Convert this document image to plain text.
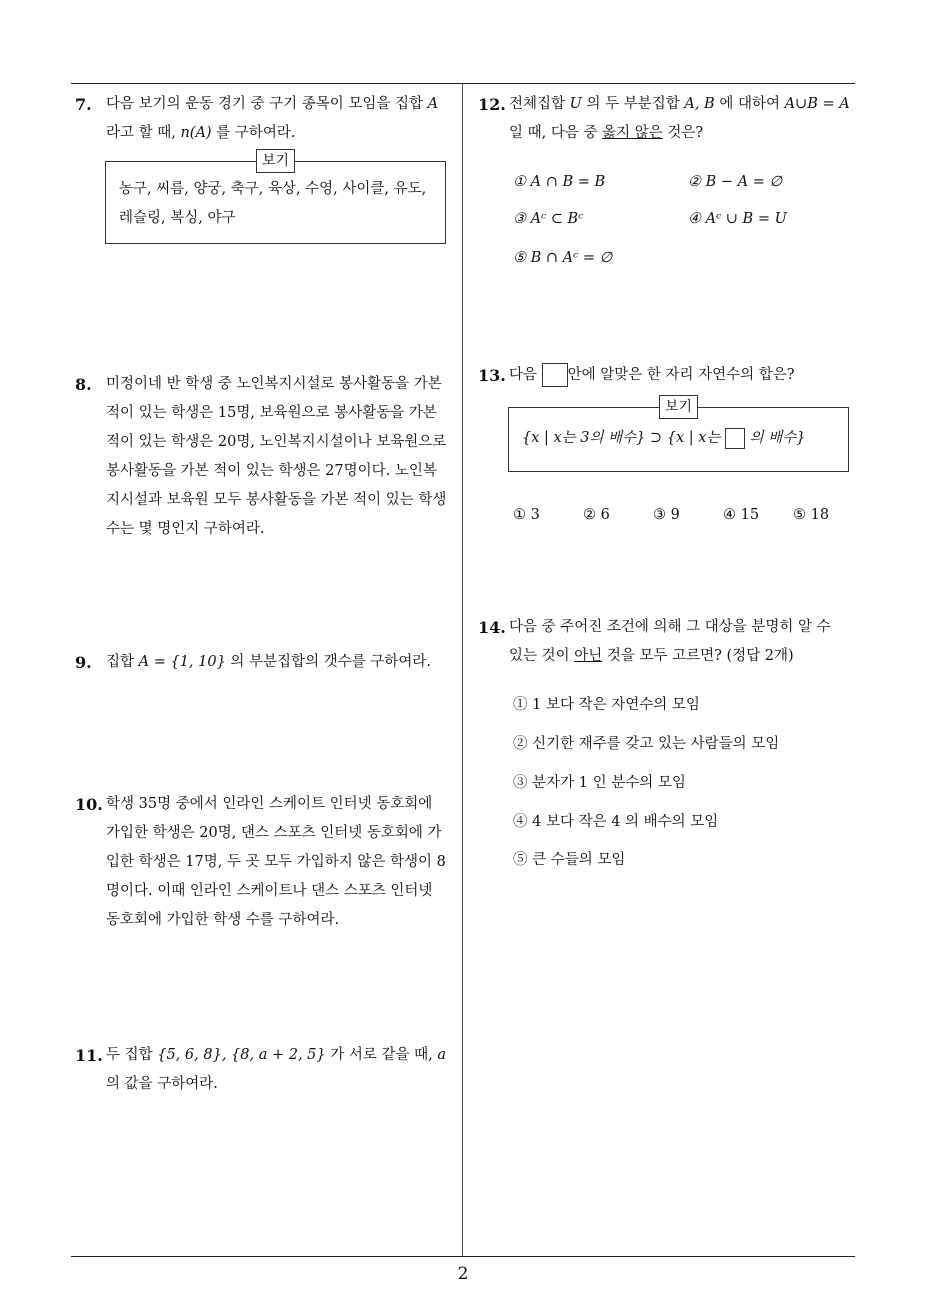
7. 다음 보기의 운동 경기 중 구기 종목이 모임을 집합 A

라고 할 때, n(A) 를 구하여라.

보기
농구, 씨름, 양궁, 축구, 육상, 수영, 사이클, 유도,
레슬링, 복싱, 야구
8. 미정이네 반 학생 중 노인복지시설로 봉사활동을 가본

적이 있는 학생은 15명, 보육원으로 봉사활동을 가본

적이 있는 학생은 20명, 노인복지시설이나 보육원으로

봉사활동을 가본 적이 있는 학생은 27명이다. 노인복

지시설과 보육원 모두 봉사활동을 가본 적이 있는 학생

수는 몇 명인지 구하여라.

9. 집합 A = {1, 10} 의 부분집합의 갯수를 구하여라.

10. 학생 35명 중에서 인라인 스케이트 인터넷 동호회에

가입한 학생은 20명, 댄스 스포츠 인터넷 동호회에 가

입한 학생은 17명, 두 곳 모두 가입하지 않은 학생이 8

명이다. 이때 인라인 스케이트나 댄스 스포츠 인터넷

동호회에 가입한 학생 수를 구하여라.

11. 두 집합 {5, 6, 8}, {8, a + 2, 5} 가 서로 같을 때, a

의 값을 구하여라.

12. 전체집합 U 의 두 부분집합 A, B 에 대하여 A∪B = A

일 때, 다음 중 옳지 않은 것은?

① A ∩ B = B	② B − A = ∅
③ Aᶜ ⊂ Bᶜ	④ Aᶜ ∪ B = U
⑤ B ∩ Aᶜ = ∅
13. 다음 안에 알맞은 한 자리 자연수의 합은?

보기
{x | x는 3의 배수} ⊃ {x | x는 의 배수}
① 3	② 6	③ 9	④ 15 ⑤ 18
14. 다음 중 주어진 조건에 의해 그 대상을 분명히 알 수

있는 것이 아닌 것을 모두 고르면? (정답 2개)

① 1 보다 작은 자연수의 모임
② 신기한 재주를 갖고 있는 사람들의 모임
③ 분자가 1 인 분수의 모임
④ 4 보다 작은 4 의 배수의 모임
⑤ 큰 수들의 모임
2
